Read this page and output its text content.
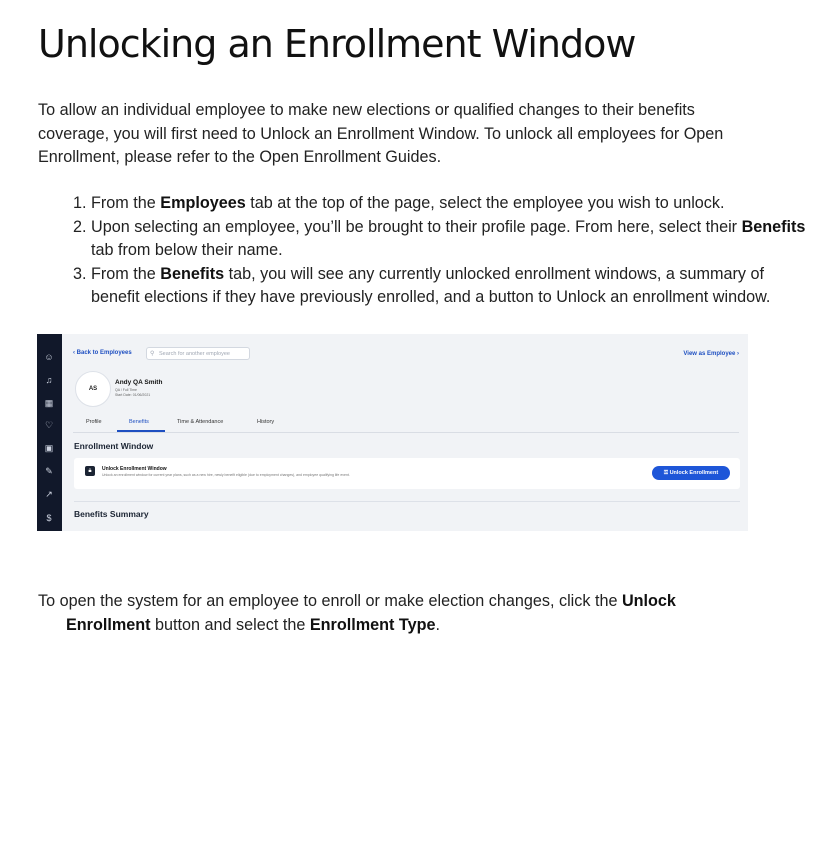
Unlocking an Enrollment Window

To allow an individual employee to make new elections or qualified changes to their benefits coverage, you will first need to Unlock an Enrollment Window. To unlock all employees for Open Enrollment, please refer to the Open Enrollment Guides.

1. From the Employees tab at the top of the page, select the employee you wish to unlock.
2. Upon selecting an employee, you’ll be brought to their profile page. From here, select their Benefits tab from below their name.
3. From the Benefits tab, you will see any currently unlocked enrollment windows, a summary of benefit elections if they have previously enrolled, and a button to Unlock an enrollment window.

To open the system for an employee to enroll or make election changes, click the Unlock
Enrollment button and select the Enrollment Type.

☺
♫
▦
♡
▣
✎
↗
$
‹ Back to Employees	⚲ Search for another employee	View as Employee ›
AS
Andy QA Smith
QA / Full Time
Start Date: 01/06/2021
Profile	Benefits	Time & Attendance	History
Enrollment Window
🔒︎	Unlock Enrollment Window
Unlock an enrollment window for current year plans, such as a new hire, newly benefit eligible (due to employment changes), and employee qualifying life event.	⚿ Unlock Enrollment
Benefits Summary
